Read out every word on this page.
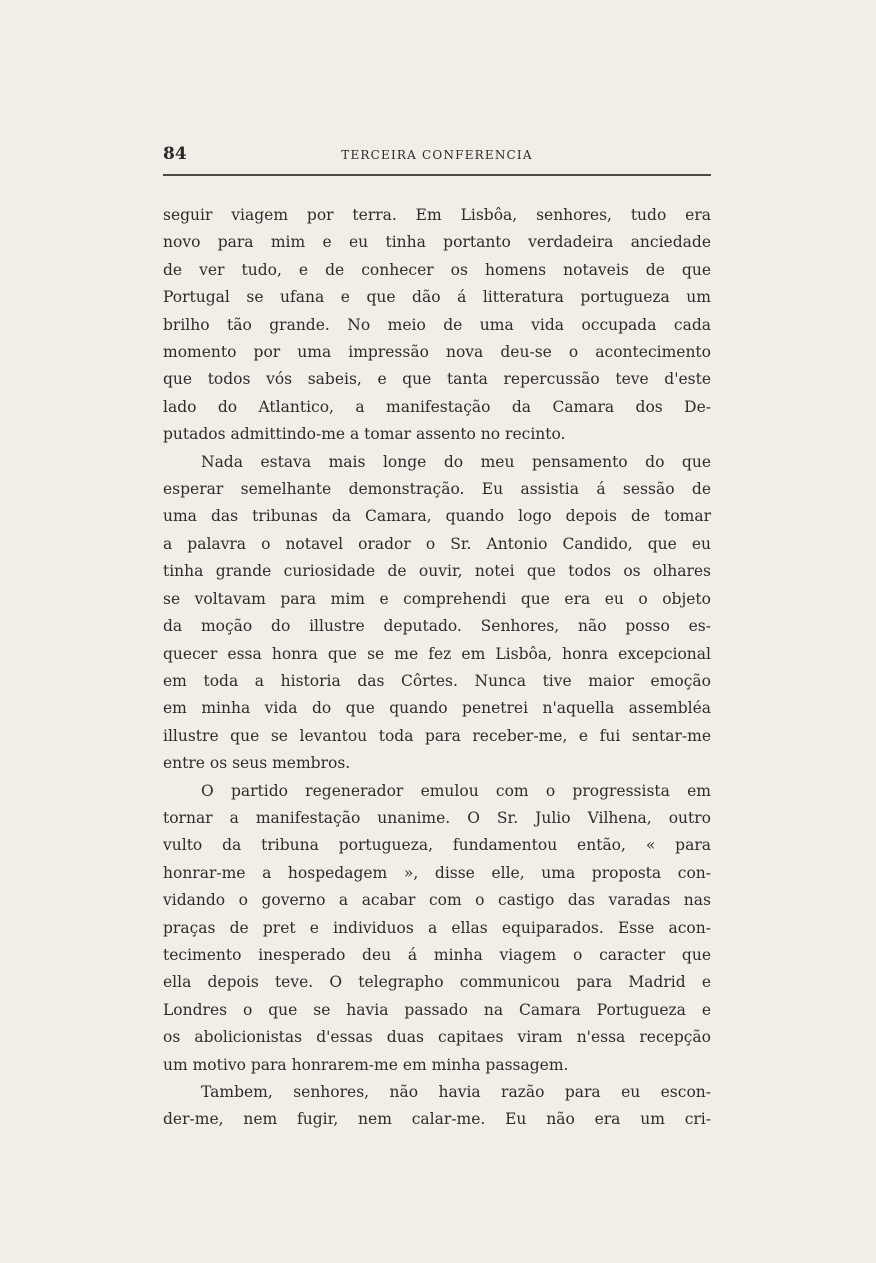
84	TERCEIRA CONFERENCIA
seguir viagem por terra. Em Lisbôa, senhores, tudo era
novo para mim e eu tinha portanto verdadeira anciedade
de ver tudo, e de conhecer os homens notaveis de que
Portugal se ufana e que dão á litteratura portugueza um
brilho tão grande. No meio de uma vida occupada cada
momento por uma impressão nova deu-se o acontecimento
que todos vós sabeis, e que tanta repercussão teve d'este
lado do Atlantico, a manifestação da Camara dos De-
putados admittindo-me a tomar assento no recinto.
Nada estava mais longe do meu pensamento do que
esperar semelhante demonstração. Eu assistia á sessão de
uma das tribunas da Camara, quando logo depois de tomar
a palavra o notavel orador o Sr. Antonio Candido, que eu
tinha grande curiosidade de ouvir, notei que todos os olhares
se voltavam para mim e comprehendi que era eu o objeto
da moção do illustre deputado. Senhores, não posso es-
quecer essa honra que se me fez em Lisbôa, honra excepcional
em toda a historia das Côrtes. Nunca tive maior emoção
em minha vida do que quando penetrei n'aquella assembléa
illustre que se levantou toda para receber-me, e fui sentar-me
entre os seus membros.
O partido regenerador emulou com o progressista em
tornar a manifestação unanime. O Sr. Julio Vilhena, outro
vulto da tribuna portugueza, fundamentou então, « para
honrar-me a hospedagem », disse elle, uma proposta con-
vidando o governo a acabar com o castigo das varadas nas
praças de pret e individuos a ellas equiparados. Esse acon-
tecimento inesperado deu á minha viagem o caracter que
ella depois teve. O telegrapho communicou para Madrid e
Londres o que se havia passado na Camara Portugueza e
os abolicionistas d'essas duas capitaes viram n'essa recepção
um motivo para honrarem-me em minha passagem.
Tambem, senhores, não havia razão para eu escon-
der-me, nem fugir, nem calar-me. Eu não era um cri-
